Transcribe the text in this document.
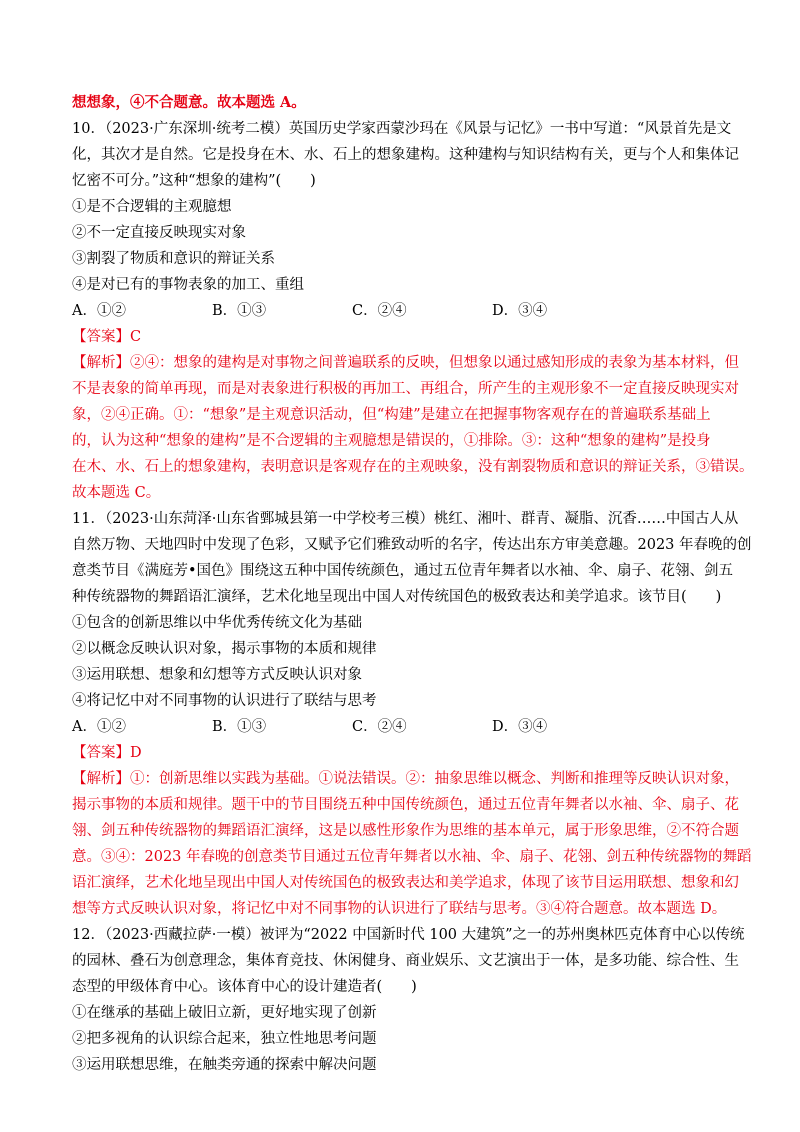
想想象，④不合题意。故本题选 A。
10．（2023·广东深圳·统考二模）英国历史学家西蒙沙玛在《风景与记忆》一书中写道：“风景首先是文
化，其次才是自然。它是投身在木、水、石上的想象建构。这种建构与知识结构有关，更与个人和集体记
忆密不可分。”这种“想象的建构”(　　)
①是不合逻辑的主观臆想
②不一定直接反映现实对象
③割裂了物质和意识的辩证关系
④是对已有的事物表象的加工、重组
A．①②	B．①③	C．②④	D．③④
【答案】C
【解析】②④：想象的建构是对事物之间普遍联系的反映，但想象以通过感知形成的表象为基本材料，但
不是表象的简单再现，而是对表象进行积极的再加工、再组合，所产生的主观形象不一定直接反映现实对
象，②④正确。①：“想象”是主观意识活动，但“构建”是建立在把握事物客观存在的普遍联系基础上
的，认为这种“想象的建构”是不合逻辑的主观臆想是错误的，①排除。③：这种“想象的建构”是投身
在木、水、石上的想象建构，表明意识是客观存在的主观映象，没有割裂物质和意识的辩证关系，③错误。
故本题选 C。
11．（2023·山东菏泽·山东省鄄城县第一中学校考三模）桃红、湘叶、群青、凝脂、沉香……中国古人从
自然万物、天地四时中发现了色彩，又赋予它们雅致动听的名字，传达出东方审美意趣。2023 年春晚的创
意类节目《满庭芳•国色》围绕这五种中国传统颜色，通过五位青年舞者以水袖、伞、扇子、花翎、剑五
种传统器物的舞蹈语汇演绎，艺术化地呈现出中国人对传统国色的极致表达和美学追求。该节目(　　)
①包含的创新思维以中华优秀传统文化为基础
②以概念反映认识对象，揭示事物的本质和规律
③运用联想、想象和幻想等方式反映认识对象
④将记忆中对不同事物的认识进行了联结与思考
A．①②	B．①③	C．②④	D．③④
【答案】D
【解析】①：创新思维以实践为基础。①说法错误。②：抽象思维以概念、判断和推理等反映认识对象，
揭示事物的本质和规律。题干中的节目围绕五种中国传统颜色，通过五位青年舞者以水袖、伞、扇子、花
翎、剑五种传统器物的舞蹈语汇演绎，这是以感性形象作为思维的基本单元，属于形象思维，②不符合题
意。③④：2023 年春晚的创意类节目通过五位青年舞者以水袖、伞、扇子、花翎、剑五种传统器物的舞蹈
语汇演绎，艺术化地呈现出中国人对传统国色的极致表达和美学追求，体现了该节目运用联想、想象和幻
想等方式反映认识对象，将记忆中对不同事物的认识进行了联结与思考。③④符合题意。故本题选 D。
12．（2023·西藏拉萨·一模）被评为“2022 中国新时代 100 大建筑”之一的苏州奥林匹克体育中心以传统
的园林、叠石为创意理念，集体育竞技、休闲健身、商业娱乐、文艺演出于一体，是多功能、综合性、生
态型的甲级体育中心。该体育中心的设计建造者(　　)
①在继承的基础上破旧立新，更好地实现了创新
②把多视角的认识综合起来，独立性地思考问题
③运用联想思维，在触类旁通的探索中解决问题
